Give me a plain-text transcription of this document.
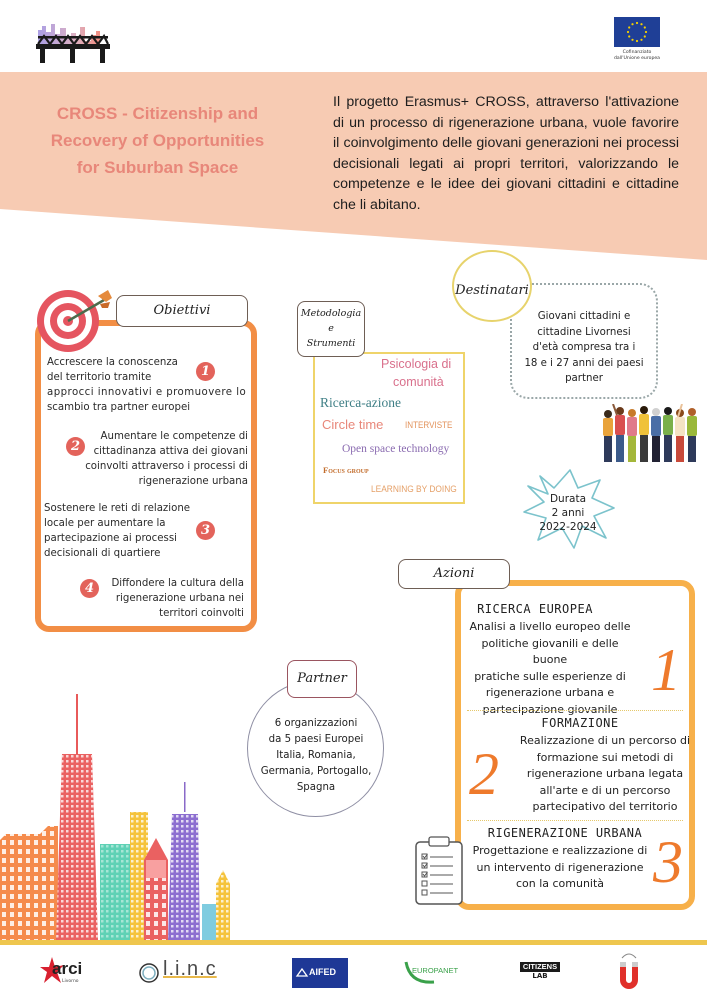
Cofinanziato
dall'Unione europea
CROSS - Citizenship and
Recovery of Opportunities
for Suburban Space
Il progetto Erasmus+ CROSS, attraverso l'attivazione di un processo di rigenerazione urbana, vuole favorire il coinvolgimento delle giovani generazioni nei processi decisionali legati ai propri territori, valorizzando le competenze e le idee dei giovani cittadini e cittadine che li abitano.
Obiettivi
Accrescere la conoscenza
del territorio tramite
approcci innovativi e promuovere lo
scambio tra partner europei
1
Aumentare le competenze di
cittadinanza attiva dei giovani
coinvolti attraverso i processi di
rigenerazione urbana
2
Sostenere le reti di relazione
locale per aumentare la
partecipazione ai processi
decisionali di quartiere
3
Diffondere la cultura della
rigenerazione urbana nei
territori coinvolti
4
Metodologia
e
Strumenti
Psicologia di
comunità
Ricerca-azione
Circle time INTERVISTE
Open space technology
Focus group
LEARNING BY DOING
Destinatari
Giovani cittadini e
cittadine Livornesi
d'età compresa tra i
18 e i 27 anni dei paesi
partner
Durata
2 anni
2022-2024
RICERCA EUROPEA
Analisi a livello europeo delle
politiche giovanili e delle buone
pratiche sulle esperienze di
rigenerazione urbana e
partecipazione giovanile
1
FORMAZIONE
Realizzazione di un percorso di
formazione sui metodi di
rigenerazione urbana legata
all'arte e di un percorso
partecipativo del territorio
2
RIGENERAZIONE URBANA
Progettazione e realizzazione di
un intervento di rigenerazione
con la comunità 3
Azioni
Partner
6 organizzazioni
da 5 paesi Europei
Italia, Romania,
Germania, Portogallo,
Spagna
arci
Livorno
l.i.n.c	AIFED	EUROPANET	CITIZENS
LAB
